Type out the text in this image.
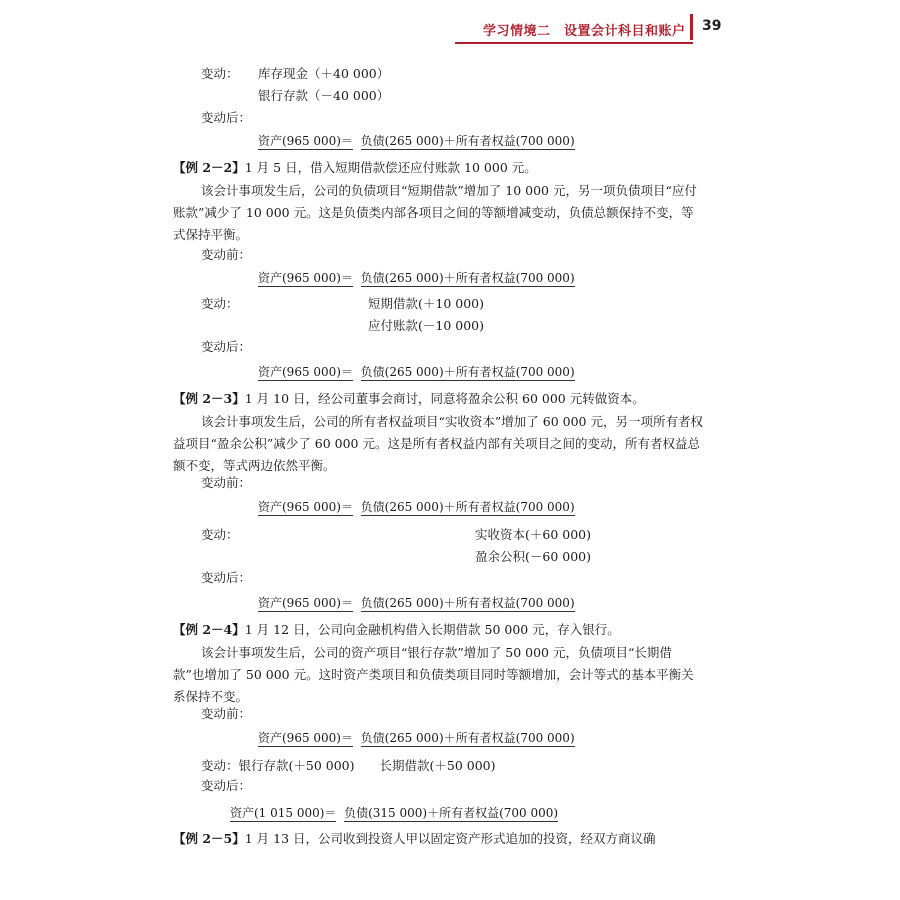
学习情境二　设置会计科目和账户 39
变动： 库存现金（＋40 000）
银行存款（－40 000）
变动后：
资产(965 000)＝ 负债(265 000)＋所有者权益(700 000)
【例 2－2】1 月 5 日，借入短期借款偿还应付账款 10 000 元。
该会计事项发生后，公司的负债项目“短期借款”增加了 10 000 元，另一项负债项目“应付账款”减少了 10 000 元。这是负债类内部各项目之间的等额增减变动，负债总额保持不变，等式保持平衡。
变动前：
资产(965 000)＝ 负债(265 000)＋所有者权益(700 000)
变动：	短期借款(＋10 000)
应付账款(－10 000)
变动后：
资产(965 000)＝ 负债(265 000)＋所有者权益(700 000)
【例 2－3】1 月 10 日，经公司董事会商讨，同意将盈余公积 60 000 元转做资本。
该会计事项发生后，公司的所有者权益项目“实收资本”增加了 60 000 元，另一项所有者权益项目“盈余公积”减少了 60 000 元。这是所有者权益内部有关项目之间的变动，所有者权益总额不变，等式两边依然平衡。
变动前：
资产(965 000)＝ 负债(265 000)＋所有者权益(700 000)
变动：	实收资本(＋60 000)
盈余公积(－60 000)
变动后：
资产(965 000)＝ 负债(265 000)＋所有者权益(700 000)
【例 2－4】1 月 12 日，公司向金融机构借入长期借款 50 000 元，存入银行。
该会计事项发生后，公司的资产项目“银行存款”增加了 50 000 元，负债项目“长期借款”也增加了 50 000 元。这时资产类项目和负债类项目同时等额增加，会计等式的基本平衡关系保持不变。
变动前：
资产(965 000)＝ 负债(265 000)＋所有者权益(700 000)
变动：银行存款(＋50 000)　　长期借款(＋50 000)
变动后：
资产(1 015 000)＝ 负债(315 000)＋所有者权益(700 000)
【例 2－5】1 月 13 日，公司收到投资人甲以固定资产形式追加的投资，经双方商议确
